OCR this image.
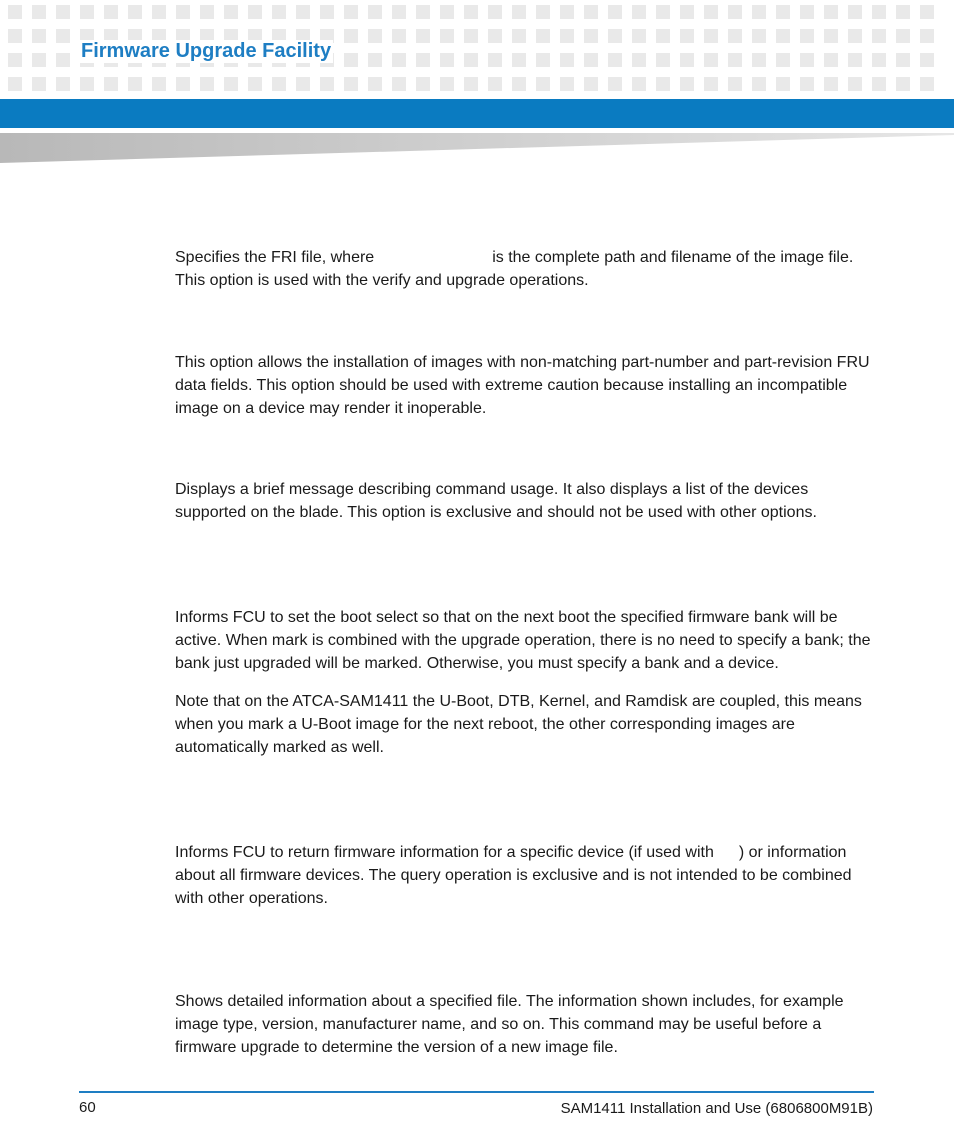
Firmware Upgrade Facility

Specifies the FRI file, where	is the complete path and filename of the image file. This option is used with the verify and upgrade operations.

This option allows the installation of images with non-matching part-number and part-revision FRU data fields. This option should be used with extreme caution because installing an incompatible image on a device may render it inoperable.

Displays a brief message describing command usage. It also displays a list of the devices supported on the blade. This option is exclusive and should not be used with other options.

Informs FCU to set the boot select so that on the next boot the specified firmware bank will be active. When mark is combined with the upgrade operation, there is no need to specify a bank; the bank just upgraded will be marked. Otherwise, you must specify a bank and a device.

Note that on the ATCA-SAM1411 the U-Boot, DTB, Kernel, and Ramdisk are coupled, this means when you mark a U-Boot image for the next reboot, the other corresponding images are automatically marked as well.

Informs FCU to return firmware information for a specific device (if used with ) or information about all firmware devices. The query operation is exclusive and is not intended to be combined with other operations.

Shows detailed information about a specified file. The information shown includes, for example image type, version, manufacturer name, and so on. This command may be useful before a firmware upgrade to determine the version of a new image file.

60	SAM1411 Installation and Use (6806800M91B)
